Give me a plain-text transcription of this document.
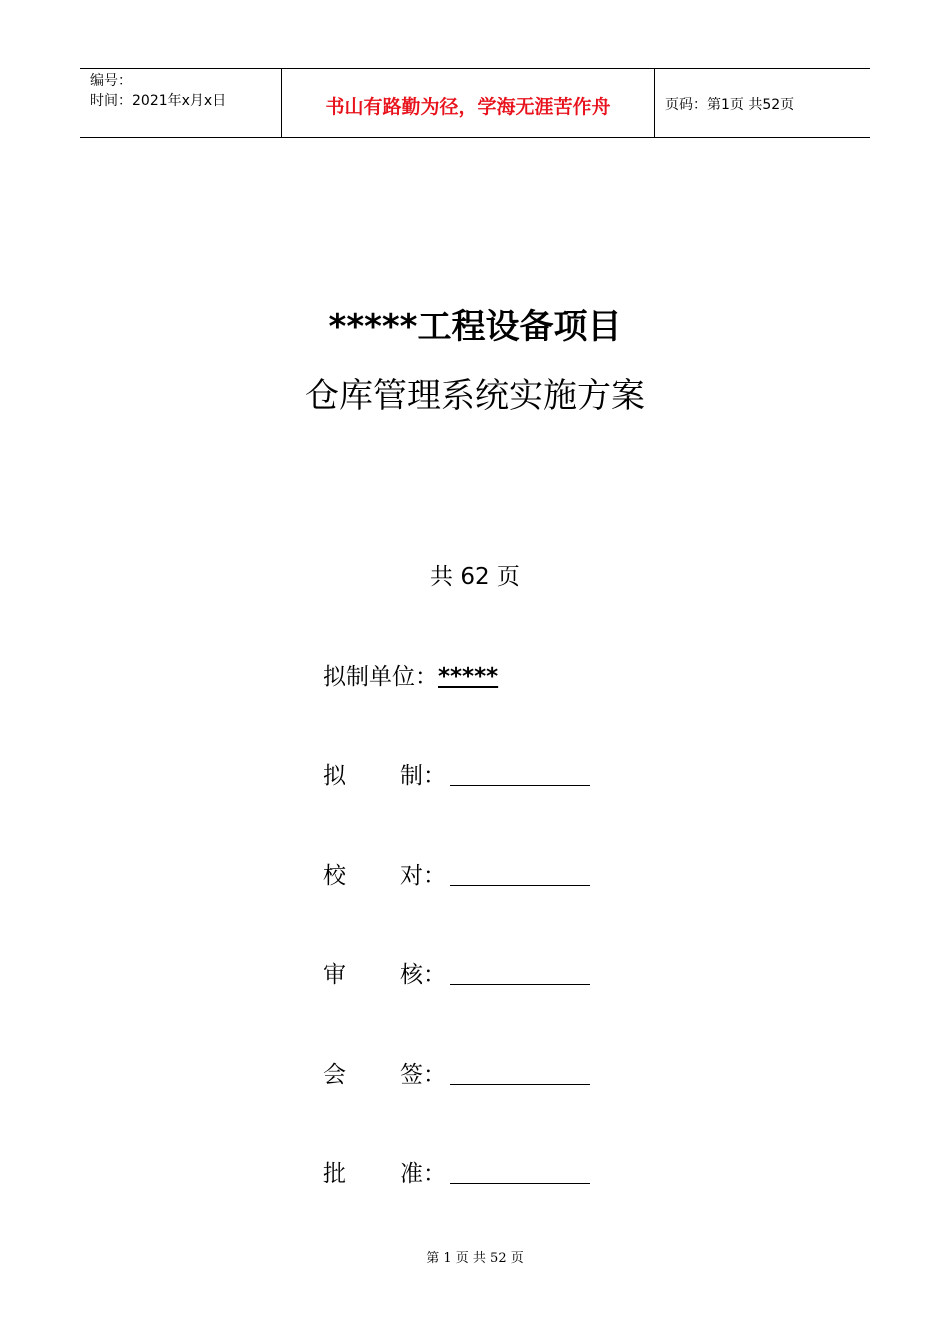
编号：
时间：2021年x月x日	书山有路勤为径，学海无涯苦作舟	页码：第1页 共52页
*****工程设备项目
仓库管理系统实施方案
共 62 页
拟制单位：*****
拟 制：
校 对：
审 核：
会 签：
批 准：
第 1 页 共 52 页
